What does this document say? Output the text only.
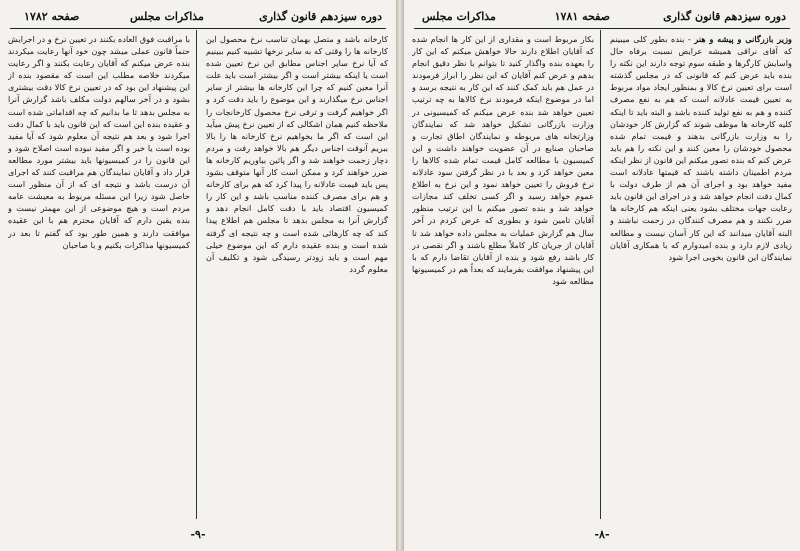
صفحه ۱۷۸۲	مذاکرات مجلس	دوره سیزدهم قانون گذاری

کارخانه باشد و متصل بهمان تناسب نرخ محصول این کارخانه ها را وقتی که به سایر نرخها تشبیه کنیم ببینیم که آیا نرخ سایر اجناس مطابق این نرخ تعیین شده است یا اینکه بیشتر است و اگر بیشتر است باید علت آنرا معین کنیم که چرا این کارخانه ها بیشتر از سایر اجناس نرخ میگذارند و این موضوع را باید دقت کرد و اگر خواهیم گرفت و ترقی نرخ محصول کارخانجات را ملاحظه کنیم همان اشکالی که از تعیین نرخ پیش میآید این است که اگر ما بخواهیم نرخ کارخانه ها را بالا ببریم آنوقت اجناس دیگر هم بالا خواهد رفت و مردم دچار زحمت خواهند شد و اگر پائین بیاوریم کارخانه ها ضرر خواهند کرد و ممکن است کار آنها متوقف بشود پس باید قیمت عادلانه را پیدا کرد که هم برای کارخانه و هم برای مصرف کننده مناسب باشد و این کار را کمیسیون اقتصاد باید با دقت کامل انجام دهد و گزارش آنرا به مجلس بدهد تا مجلس هم اطلاع پیدا کند که چه کارهائی شده است و چه نتیجه ای گرفته شده است و بنده عقیده دارم که این موضوع خیلی مهم است و باید زودتر رسیدگی شود و تکلیف آن معلوم گردد

با مراقبت فوق العاده بکنند در تعیین نرخ و در اجرایش حتماً قانون عملی میشد چون خود آنها رعایت میکردند بنده عرض میکنم که آقایان رعایت بکنند و اگر رعایت میکردند خلاصه مطلب این است که مقصود بنده از این پیشنهاد این بود که در تعیین نرخ کالا دقت بیشتری بشود و در آخر سالهم دولت مکلف باشد گزارش آنرا به مجلس بدهد تا ما بدانیم که چه اقداماتی شده است و عقیده بنده این است که این قانون باید با کمال دقت اجرا شود و بعد هم نتیجه آن معلوم شود که آیا مفید بوده است یا خیر و اگر مفید نبوده است اصلاح شود و این قانون را در کمیسیونها باید بیشتر مورد مطالعه قرار داد و آقایان نمایندگان هم مراقبت کنند که اجرای آن درست باشد و نتیجه ای که از آن منظور است حاصل شود زیرا این مسئله مربوط به معیشت عامه مردم است و هیچ موضوعی از این مهمتر نیست و بنده یقین دارم که آقایان محترم هم با این عقیده موافقت دارند و همین طور بود که گفتم تا بعد در کمیسیونها مذاکرات بکنیم و با صاحبان

-۹-
دوره سیزدهم قانون گذاری
صفحه ۱۷۸۱
مذاکرات مجلس

وزیر بازرگانی و پیشه و هنر - بنده بطور کلی میبینم که آقای نراقی همیشه عرایض نسبت برفاه حال واسایش کارگرها و طبقه سوم توجه دارند این نکته را بنده باید عرض کنم که قانونی که در مجلس گذشته است برای تعیین نرخ کالا و بمنظور ایجاد مواد مربوط به تعیین قیمت عادلانه است که هم به نفع مصرف کننده و هم به نفع تولید کننده باشد و البته باید تا اینکه کلیه کارخانه ها موظف شوند که گزارش کار خودشان را به وزارت بازرگانی بدهند و قیمت تمام شده محصول خودشان را معین کنند و این نکته را هم باید عرض کنم که بنده تصور میکنم این قانون از نظر اینکه مردم اطمینان داشته باشند که قیمتها عادلانه است مفید خواهد بود و اجرای آن هم از طرف دولت با کمال دقت انجام خواهد شد و در اجرای این قانون باید رعایت جهات مختلف بشود یعنی اینکه هم کارخانه ها ضرر نکنند و هم مصرف کنندگان در زحمت نباشند و البته آقایان میدانند که این کار آسان نیست و مطالعه زیادی لازم دارد و بنده امیدوارم که با همکاری آقایان نمایندگان این قانون بخوبی اجرا شود

بکار مربوط است و مقداری از این کار ها انجام شده که آقایان اطلاع دارند حالا خواهش میکنم که این کار را بعهده بنده واگذار کنید تا بتوانم با نظر دقیق انجام بدهم و عرض کنم آقایان که این نظر را ابراز فرمودند در عمل هم باید کمک کنند که این کار به نتیجه برسد و اما در موضوع اینکه فرمودند نرخ کالاها به چه ترتیب تعیین خواهد شد بنده عرض میکنم که کمیسیونی در وزارت بازرگانی تشکیل خواهد شد که نمایندگان وزارتخانه های مربوطه و نمایندگان اطاق تجارت و صاحبان صنایع در آن عضویت خواهند داشت و این کمیسیون با مطالعه کامل قیمت تمام شده کالاها را معین خواهد کرد و بعد با در نظر گرفتن سود عادلانه نرخ فروش را تعیین خواهد نمود و این نرخ به اطلاع عموم خواهد رسید و اگر کسی تخلف کند مجازات خواهد شد و بنده تصور میکنم با این ترتیب منظور آقایان تامین شود و بطوری که عرض کردم در آخر سال هم گزارش عملیات به مجلس داده خواهد شد تا آقایان از جریان کار کاملاً مطلع باشند و اگر نقصی در کار باشد رفع شود و بنده از آقایان تقاضا دارم که با این پیشنهاد موافقت بفرمایند که بعداً هم در کمیسیونها مطالعه شود

-۸-
